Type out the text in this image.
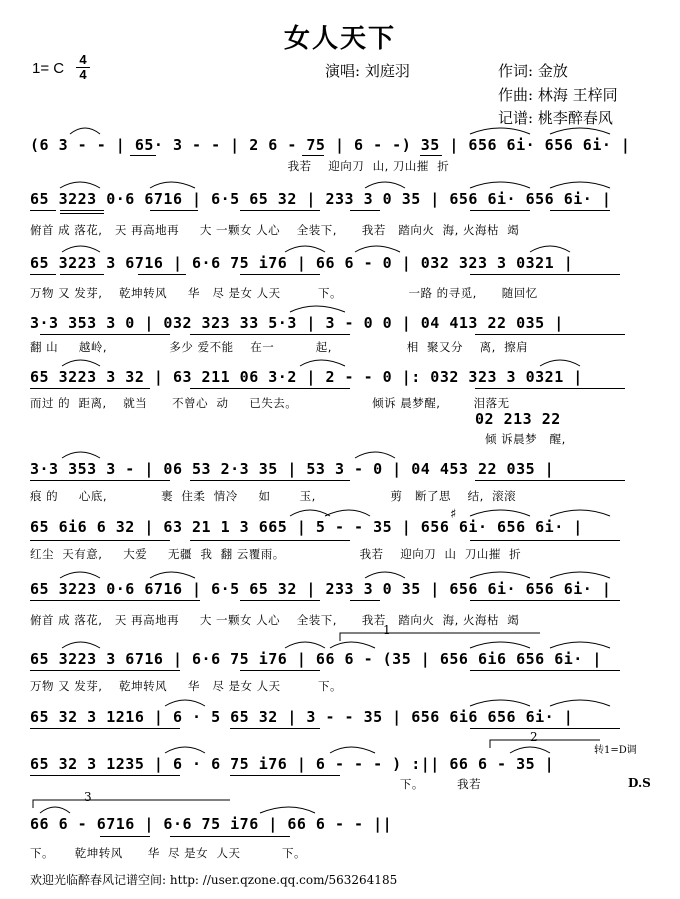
女人天下
1= C
4
4	演唱: 刘庭羽	作词: 金放
作曲: 林海 王梓同
记谱: 桃李醉春风
(6 3 - - | 65· 3 - - | 2 6 - 75 | 6 - -) 35 | 656 6i· 656 6i· |
我若    迎向刀  山, 刀山摧  折
65 3223 0·6 6716 | 6·5 65 32 | 233 3 0 35 | 656 6i· 656 6i· |
俯首 成 落花,   天 再高地再     大 一颗女 人心    全装下,      我若   踏向火  海, 火海枯  竭
65 3223 3 6716 | 6·6 75 i76 | 66 6 - 0 | 032 323 3 0321 |
万物 又 发芽,    乾坤转风     华   尽 是女 人天         下。                一路 的寻觅,      随回忆
3·3 353 3 0 | 032 323 33 5·3 | 3 - 0 0 | 04 413 22 035 |
翻 山     越岭,               多少 爱不能    在一          起,                  相  聚又分    离,  擦肩
65 3223 3 32 | 63 211 06 3·2 | 2 - - 0 |: 032 323 3 0321 |
而过 的  距离,    就当      不曾心  动     已失去。                  倾诉 晨梦醒,        泪落无
02 213 22
倾 诉晨梦   醒,
3·3 353 3 - | 06 53 2·3 35 | 53 3 - 0 | 04 453 22 035 |
痕 的     心底,             裹  住柔  情冷     如       玉,                  剪   断了思    结,  滚滚
65 6i6 6 32 | 63 21 1 3 665 | 5 - - 35 | 656 6i· 656 6i· |
红尘  天有意,     大爱     无疆  我  翻 云覆雨。                  我若    迎向刀  山  刀山摧  折
♯
65 3223 0·6 6716 | 6·5 65 32 | 233 3 0 35 | 656 6i· 656 6i· |
俯首 成 落花,   天 再高地再     大 一颗女 人心    全装下,      我若   踏向火  海, 火海枯  竭
65 3223 3 6716 | 6·6 75 i76 | 66 6 - (35 | 656 6i6 656 6i· |
万物 又 发芽,    乾坤转风     华   尽 是女 人天         下。
1
65 32 3 1216 | 6 · 5 65 32 | 3 - - 35 | 656 6i6 656 6i· |
65 32 3 1235 | 6 · 6 75 i76 | 6 - - - ) :|| 66 6 - 35 |
下。        我若
2
转1=D调
D.S
66 6 - 6716 | 6·6 75 i76 | 66 6 - - ||
下。     乾坤转风      华  尽 是女  人天          下。
3
欢迎光临醉春风记谱空间: http: //user.qzone.qq.com/563264185
